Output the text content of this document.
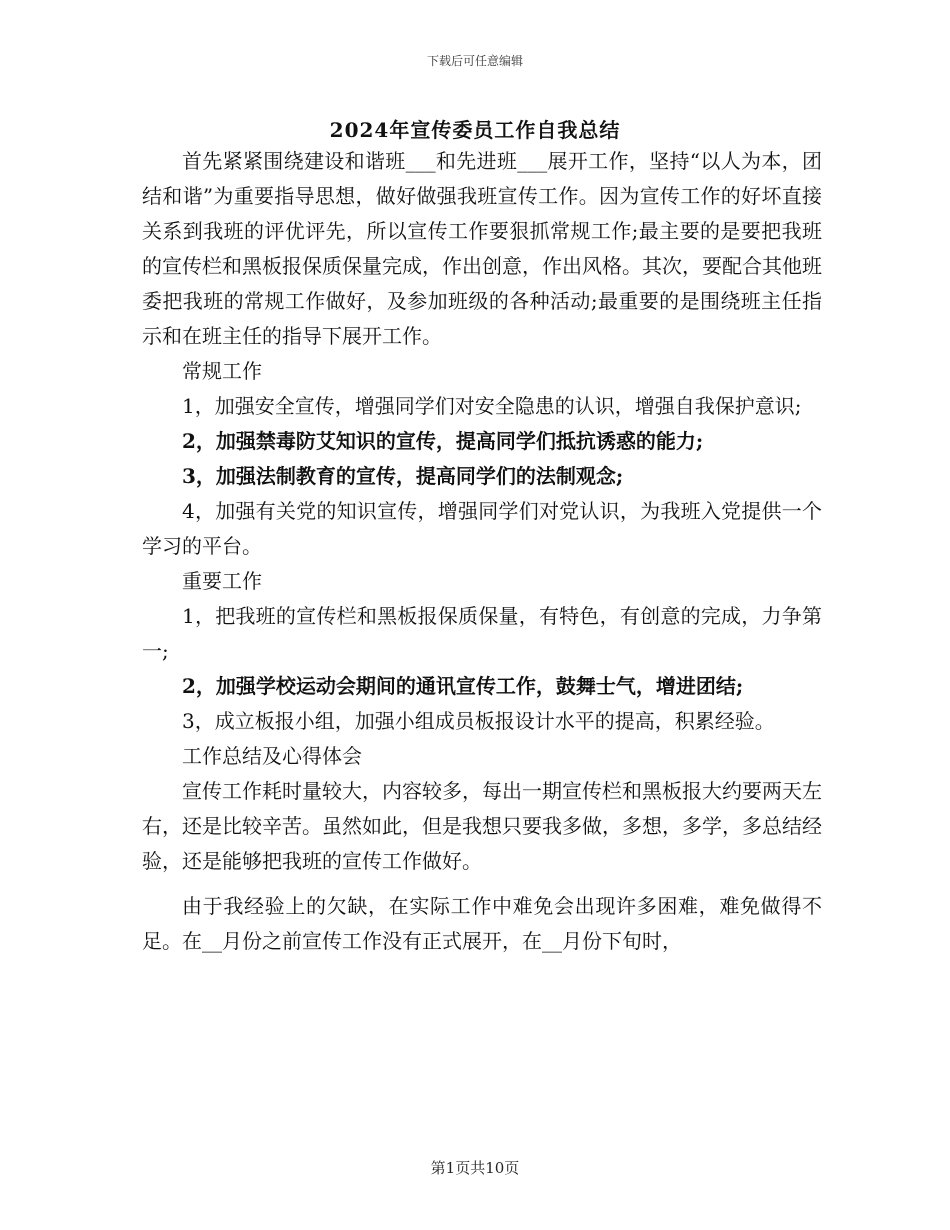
下载后可任意编辑
2024年宣传委员工作自我总结

首先紧紧围绕建设和谐班___和先进班___展开工作，坚持“以人为本，团结和谐”为重要指导思想，做好做强我班宣传工作。因为宣传工作的好坏直接关系到我班的评优评先，所以宣传工作要狠抓常规工作;最主要的是要把我班的宣传栏和黑板报保质保量完成，作出创意，作出风格。其次，要配合其他班委把我班的常规工作做好，及参加班级的各种活动;最重要的是围绕班主任指示和在班主任的指导下展开工作。

常规工作

1，加强安全宣传，增强同学们对安全隐患的认识，增强自我保护意识;

2，加强禁毒防艾知识的宣传，提高同学们抵抗诱惑的能力;

3，加强法制教育的宣传，提高同学们的法制观念;

4，加强有关党的知识宣传，增强同学们对党认识，为我班入党提供一个学习的平台。

重要工作

1，把我班的宣传栏和黑板报保质保量，有特色，有创意的完成，力争第一;

2，加强学校运动会期间的通讯宣传工作，鼓舞士气，增进团结;

3，成立板报小组，加强小组成员板报设计水平的提高，积累经验。

工作总结及心得体会

宣传工作耗时量较大，内容较多，每出一期宣传栏和黑板报大约要两天左右，还是比较辛苦。虽然如此，但是我想只要我多做，多想，多学，多总结经验，还是能够把我班的宣传工作做好。

由于我经验上的欠缺，在实际工作中难免会出现许多困难，难免做得不足。在__月份之前宣传工作没有正式展开，在__月份下旬时，

第1页共10页
